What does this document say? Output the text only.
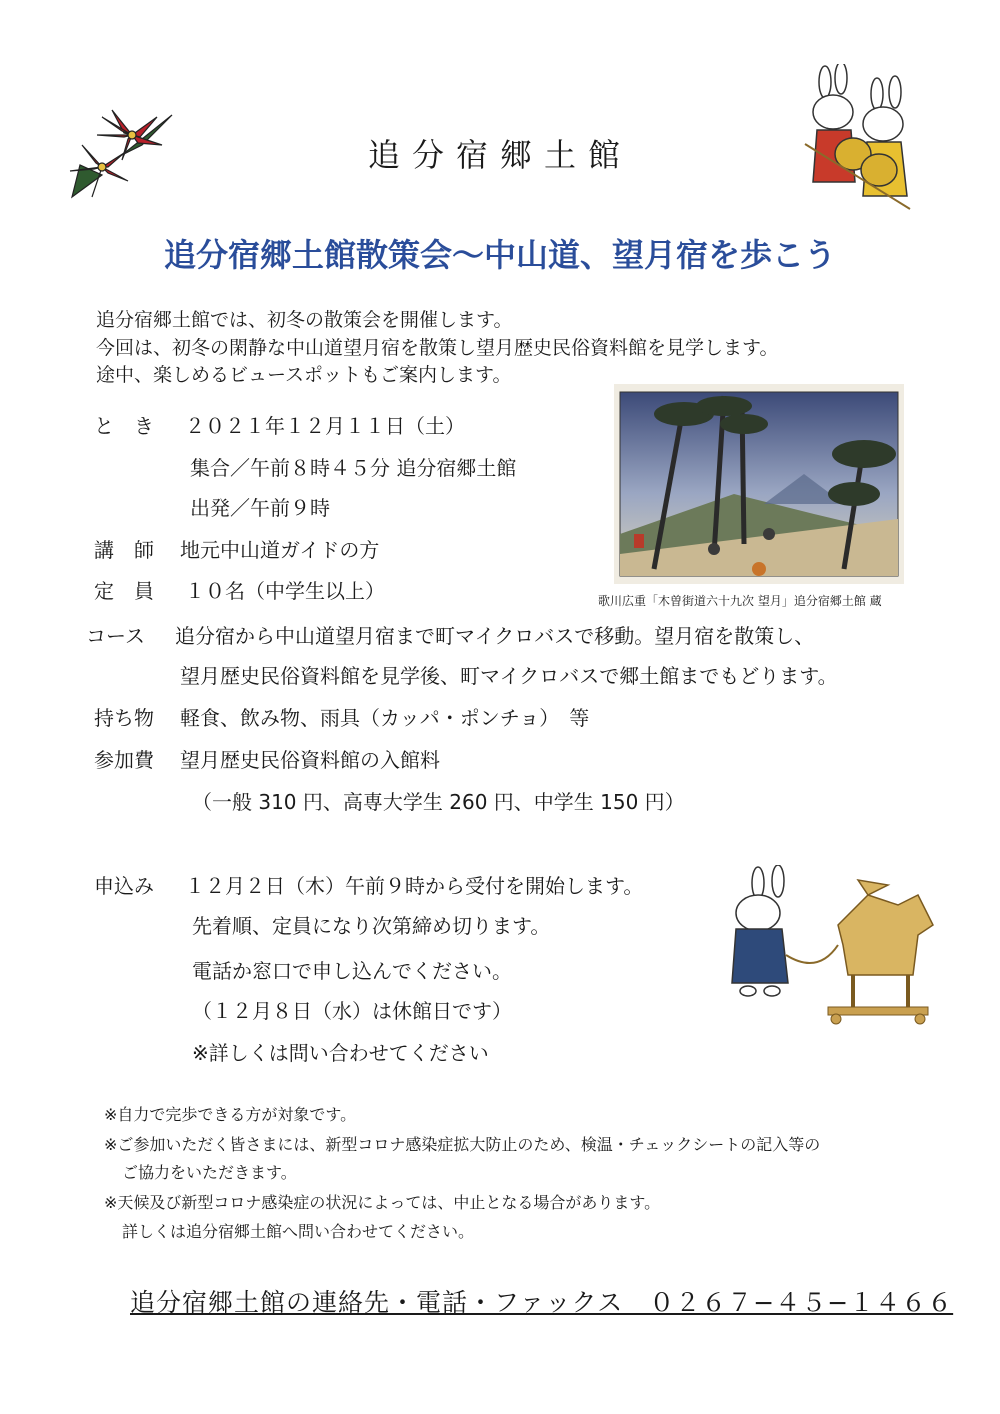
追分宿郷土館
追分宿郷土館散策会〜中山道、望月宿を歩こう
追分宿郷土館では、初冬の散策会を開催します。
今回は、初冬の閑静な中山道望月宿を散策し望月歴史民俗資料館を見学します。
途中、楽しめるビュースポットもご案内します。
歌川広重「木曽街道六十九次 望月」追分宿郷土館 蔵
と　き ２０２１年１２月１１日（土）
集合／午前８時４５分 追分宿郷土館
出発／午前９時
講　師 地元中山道ガイドの方
定　員 １０名（中学生以上）
コース 追分宿から中山道望月宿まで町マイクロバスで移動。望月宿を散策し、
望月歴史民俗資料館を見学後、町マイクロバスで郷土館までもどります。
持ち物 軽食、飲み物、雨具（カッパ・ポンチョ）　等
参加費 望月歴史民俗資料館の入館料
（一般 310 円、高専大学生 260 円、中学生 150 円）
申込み １２月２日（木）午前９時から受付を開始します。
先着順、定員になり次第締め切ります。
電話か窓口で申し込んでください。
（１２月８日（水）は休館日です）
※詳しくは問い合わせてください
※自力で完歩できる方が対象です。
※ご参加いただく皆さまには、新型コロナ感染症拡大防止のため、検温・チェックシートの記入等の
ご協力をいただきます。
※天候及び新型コロナ感染症の状況によっては、中止となる場合があります。
詳しくは追分宿郷土館へ問い合わせてください。
追分宿郷土館の連絡先・電話・ファックス　０２６７−４５−１４６６
